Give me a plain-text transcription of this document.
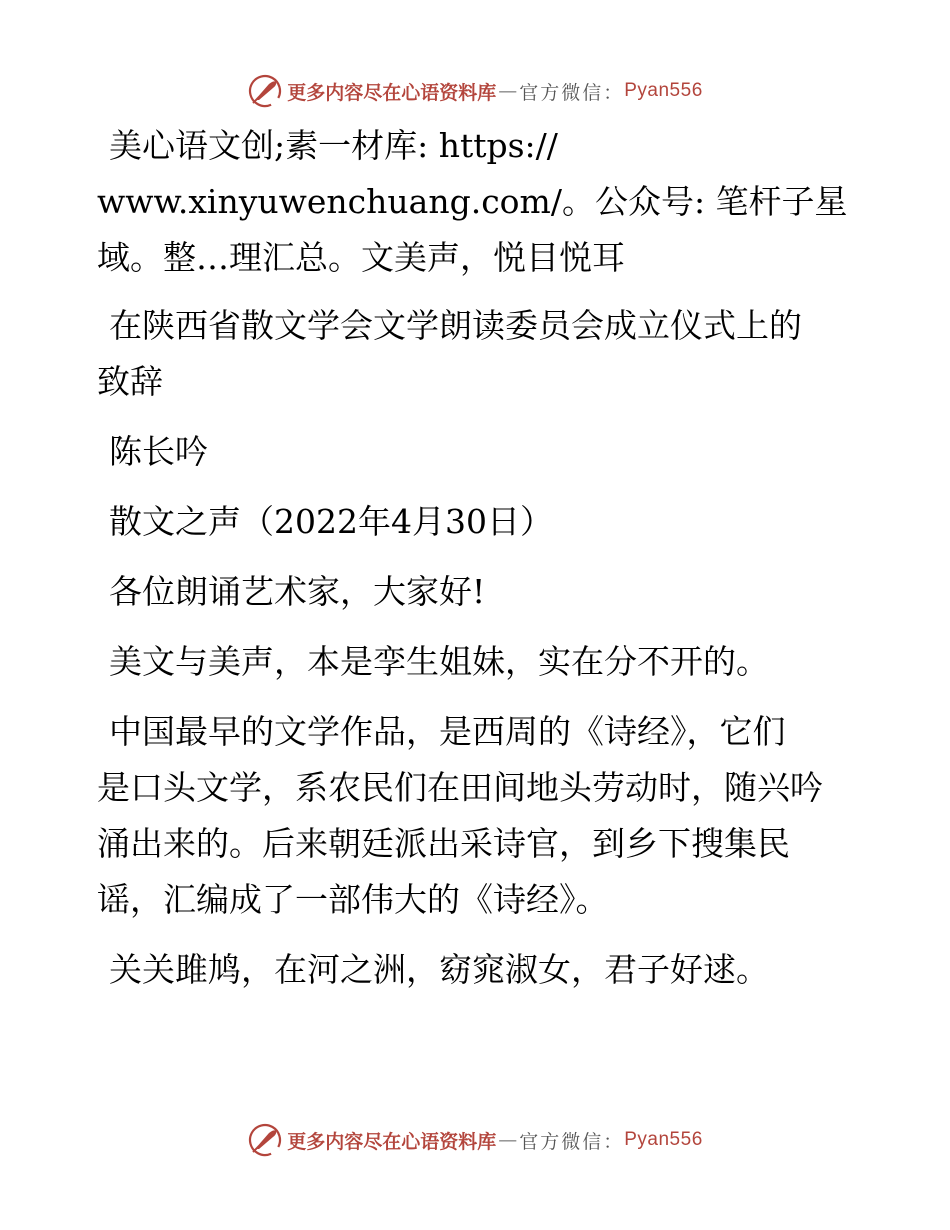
更多内容尽在心语资料库 — 官方微信： Pyan556

美心语文创;素一材库: https://

www.xinyuwenchuang.com/。公众号: 笔杆子星

域。整…理汇总。文美声，悦目悦耳

在陕西省散文学会文学朗读委员会成立仪式上的

致辞

陈长吟

散文之声（2022年4月30日）

各位朗诵艺术家，大家好!

美文与美声，本是孪生姐妹，实在分不开的。

中国最早的文学作品，是西周的《诗经》，它们

是口头文学，系农民们在田间地头劳动时，随兴吟

涌出来的。后来朝廷派出采诗官，到乡下搜集民

谣，汇编成了一部伟大的《诗经》。

关关雎鸠，在河之洲，窈窕淑女，君子好逑。

更多内容尽在心语资料库 — 官方微信： Pyan556
